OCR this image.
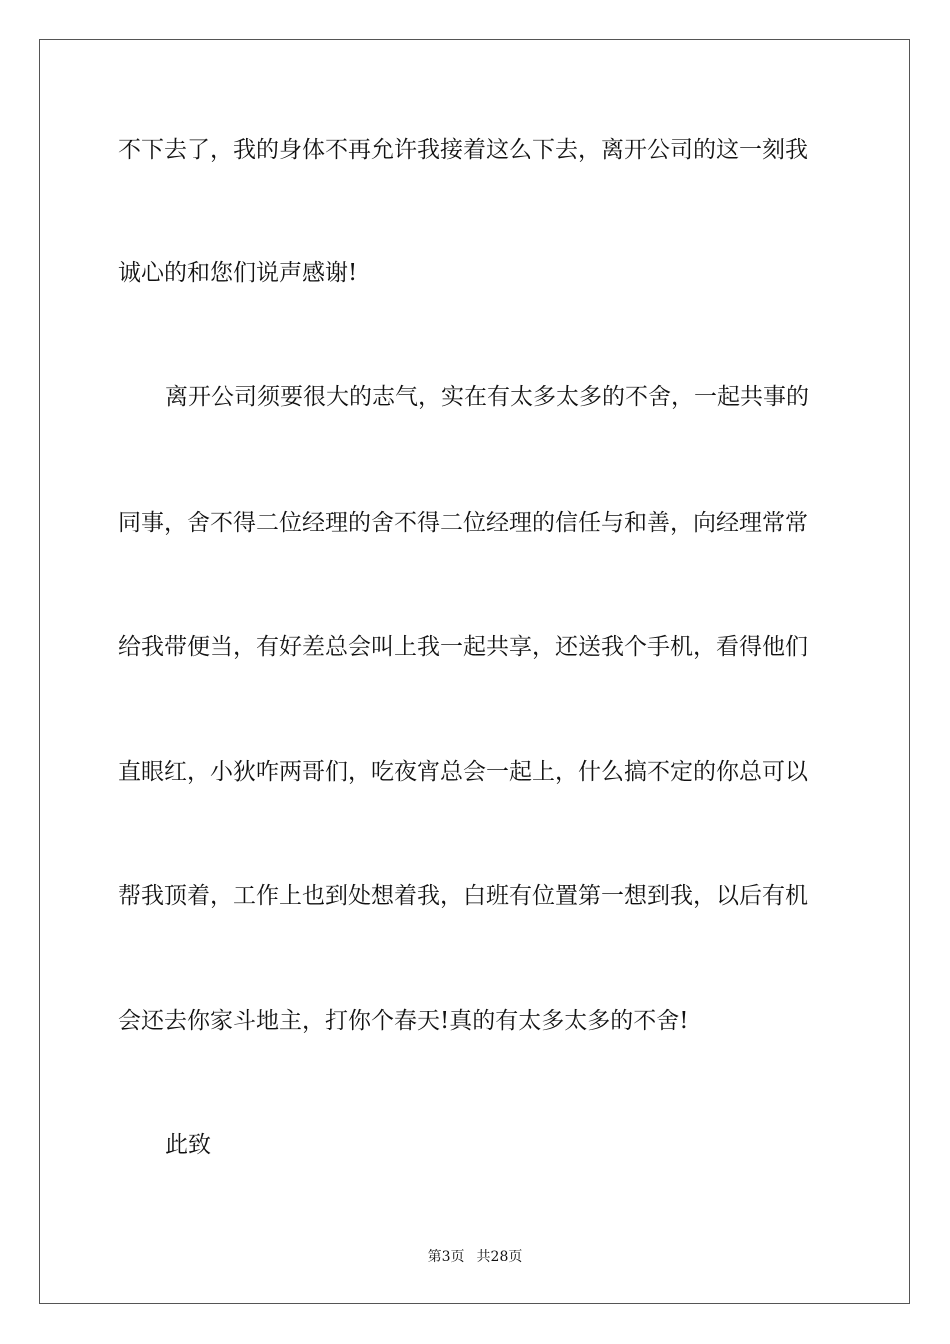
不下去了，我的身体不再允许我接着这么下去，离开公司的这一刻我
诚心的和您们说声感谢!
离开公司须要很大的志气，实在有太多太多的不舍，一起共事的
同事，舍不得二位经理的舍不得二位经理的信任与和善，向经理常常
给我带便当，有好差总会叫上我一起共享，还送我个手机，看得他们
直眼红，小狄咋两哥们，吃夜宵总会一起上，什么搞不定的你总可以
帮我顶着，工作上也到处想着我，白班有位置第一想到我，以后有机
会还去你家斗地主，打你个春天!真的有太多太多的不舍!
此致
第3页 共28页
